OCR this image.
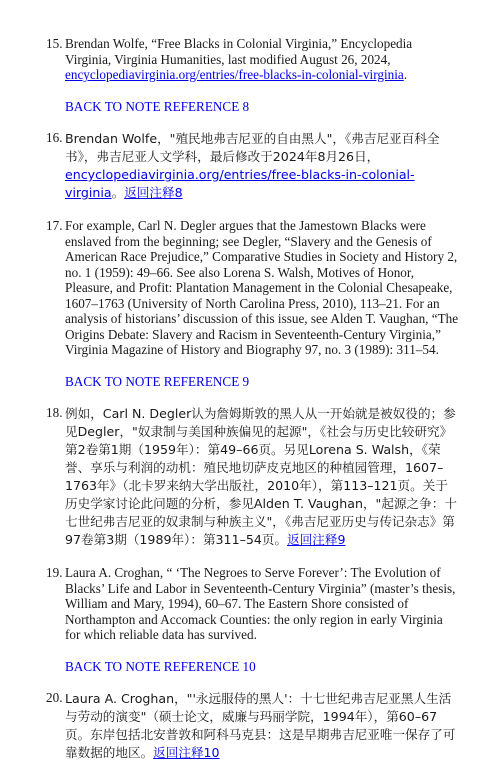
15. Brendan Wolfe, “Free Blacks in Colonial Virginia,” Encyclopedia Virginia, Virginia Humanities, last modified August 26, 2024, encyclopediavirginia.org/entries/free-blacks-in-colonial-virginia.
BACK TO NOTE REFERENCE 8
16. Brendan Wolfe，"殖民地弗吉尼亚的自由黑人"，《弗吉尼亚百科全书》，弗吉尼亚人文学科，最后修改于2024年8月26日，encyclopediavirginia.org/entries/free-blacks-in-colonial-virginia。返回注释8
17. For example, Carl N. Degler argues that the Jamestown Blacks were enslaved from the beginning; see Degler, “Slavery and the Genesis of American Race Prejudice,” Comparative Studies in Society and History 2, no. 1 (1959): 49–66. See also Lorena S. Walsh, Motives of Honor, Pleasure, and Profit: Plantation Management in the Colonial Chesapeake, 1607–1763 (University of North Carolina Press, 2010), 113–21. For an analysis of historians’ discussion of this issue, see Alden T. Vaughan, “The Origins Debate: Slavery and Racism in Seventeenth-Century Virginia,” Virginia Magazine of History and Biography 97, no. 3 (1989): 311–54.
BACK TO NOTE REFERENCE 9
18. 例如，Carl N. Degler认为詹姆斯敦的黑人从一开始就是被奴役的；参见Degler，"奴隶制与美国种族偏见的起源"，《社会与历史比较研究》第2卷第1期（1959年）：第49–66页。另见Lorena S. Walsh，《荣誉、享乐与利润的动机：殖民地切萨皮克地区的种植园管理，1607–1763年》（北卡罗来纳大学出版社，2010年），第113–121页。关于历史学家讨论此问题的分析，参见Alden T. Vaughan，"起源之争：十七世纪弗吉尼亚的奴隶制与种族主义"，《弗吉尼亚历史与传记杂志》第97卷第3期（1989年）：第311–54页。返回注释9
19. Laura A. Croghan, “ ‘The Negroes to Serve Forever’: The Evolution of Blacks’ Life and Labor in Seventeenth-Century Virginia” (master’s thesis, William and Mary, 1994), 60–67. The Eastern Shore consisted of Northampton and Accomack Counties: the only region in early Virginia for which reliable data has survived.
BACK TO NOTE REFERENCE 10
20. Laura A. Croghan，"'永远服侍的黑人'：十七世纪弗吉尼亚黑人生活与劳动的演变"（硕士论文，威廉与玛丽学院，1994年），第60–67页。东岸包括北安普敦和阿科马克县：这是早期弗吉尼亚唯一保存了可靠数据的地区。返回注释10
